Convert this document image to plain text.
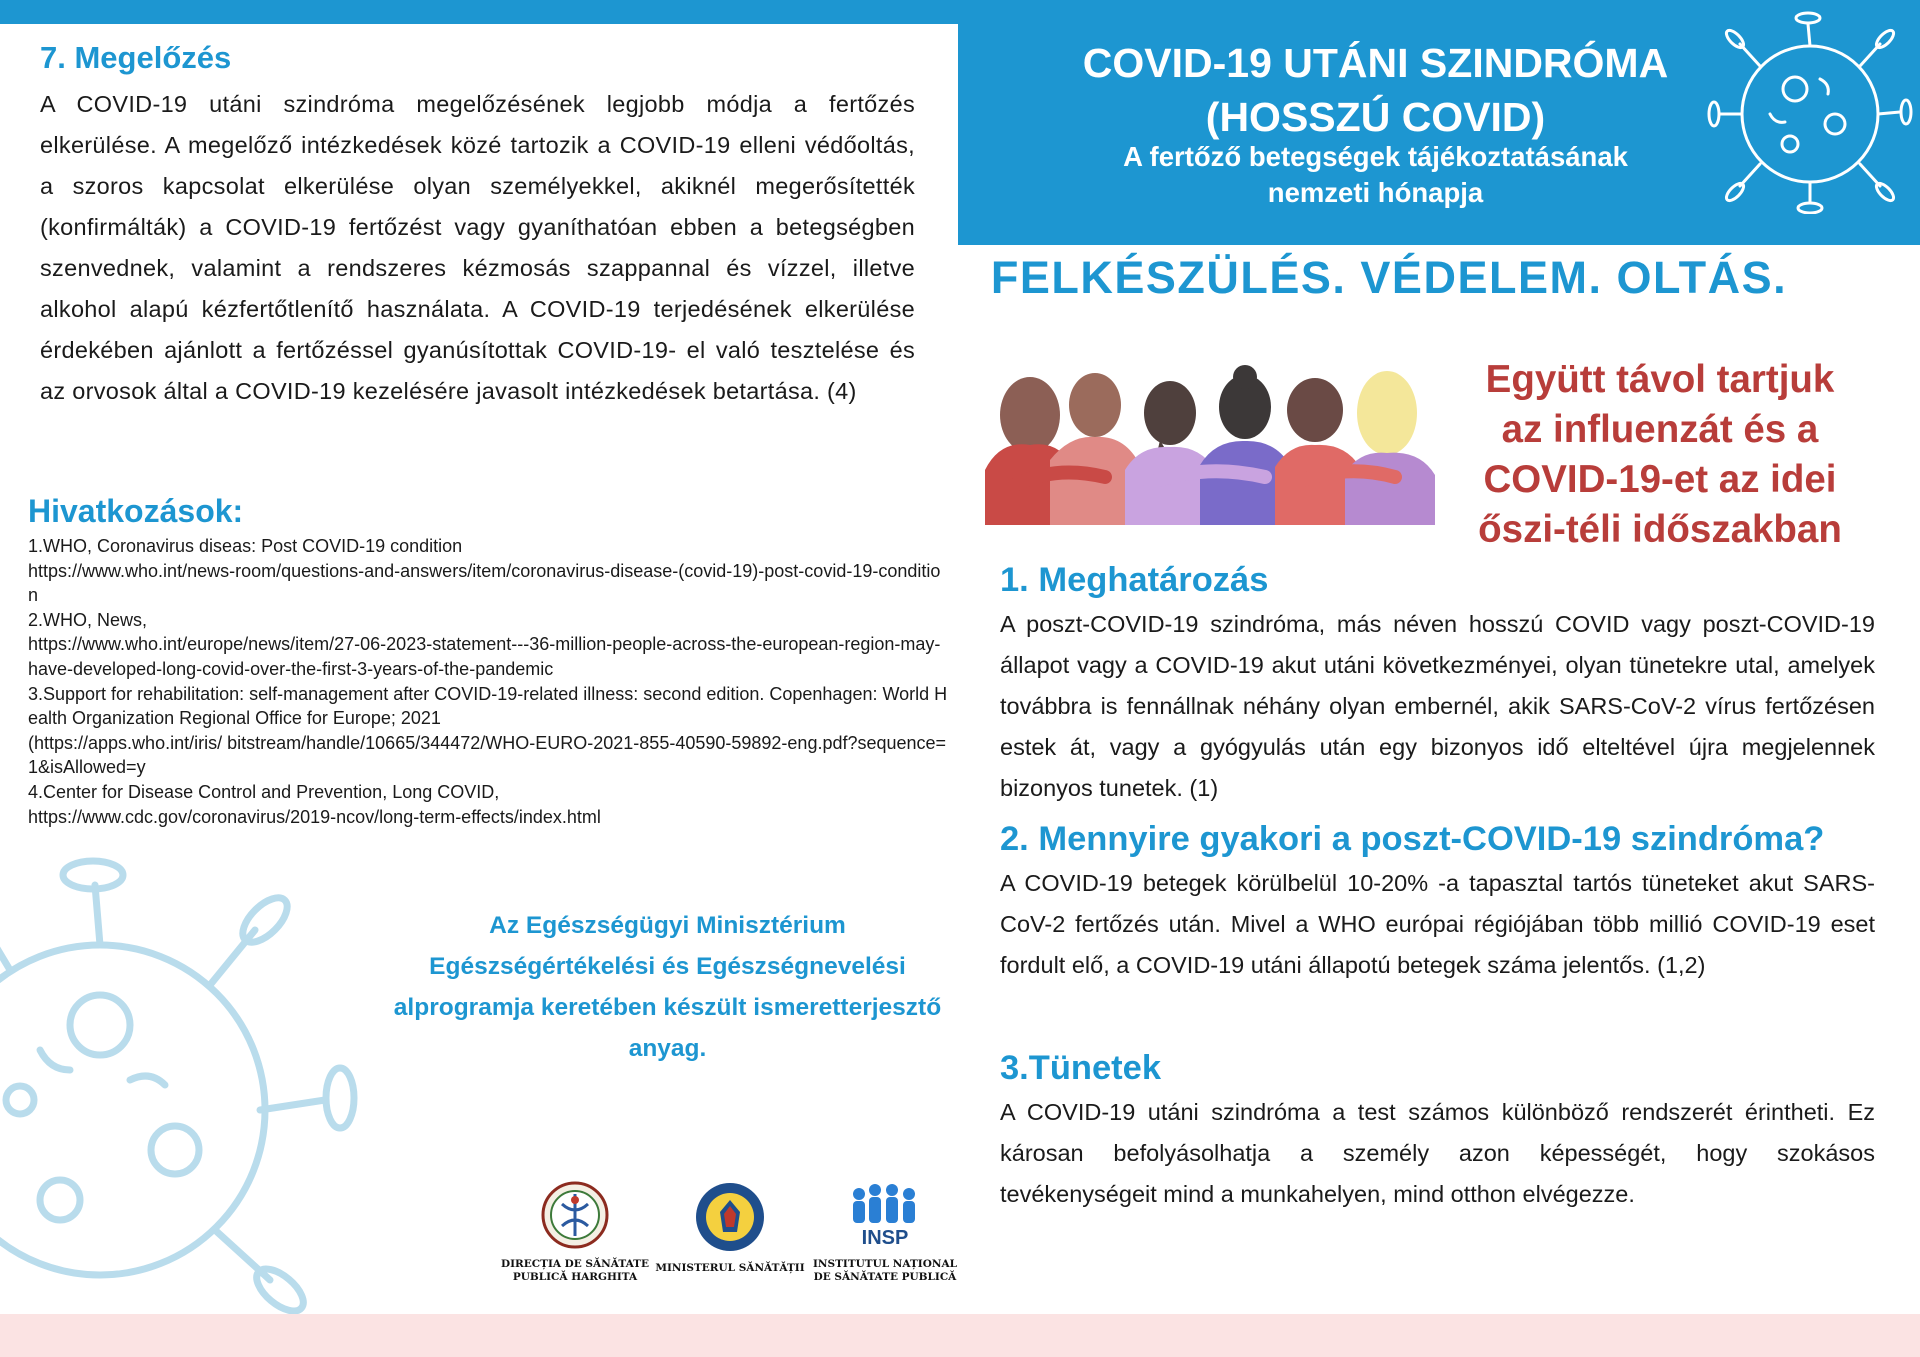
7. Megelőzés

A COVID-19 utáni szindróma megelőzésének legjobb módja a fertőzés elkerülése. A megelőző intézkedések közé tartozik a COVID-19 elleni védőoltás, a szoros kapcsolat elkerülése olyan személyekkel, akiknél megerősítették (konfirmálták) a COVID-19 fertőzést vagy gyaníthatóan ebben a betegségben szenvednek, valamint a rendszeres kézmosás szappannal és vízzel, illetve alkohol alapú kézfertőtlenítő használata. A COVID-19 terjedésének elkerülése érdekében ajánlott a fertőzéssel gyanúsítottak COVID-19- el való tesztelése és az orvosok által a COVID-19 kezelésére javasolt intézkedések betartása. (4)

Hivatkozások:
1.WHO, Coronavirus diseas: Post COVID-19 condition
https://www.who.int/news-room/questions-and-answers/item/coronavirus-disease-(covid-19)-post-covid-19-condition
2.WHO, News,
https://www.who.int/europe/news/item/27-06-2023-statement---36-million-people-across-the-european-region-may-have-developed-long-covid-over-the-first-3-years-of-the-pandemic
3.Support for rehabilitation: self-management after COVID-19-related illness: second edition. Copenhagen: World Health Organization Regional Office for Europe; 2021
(https://apps.who.int/iris/ bitstream/handle/10665/344472/WHO-EURO-2021-855-40590-59892-eng.pdf?sequence=1&isAllowed=y
4.Center for Disease Control and Prevention, Long COVID,
https://www.cdc.gov/coronavirus/2019-ncov/long-term-effects/index.html
Az Egészségügyi Minisztérium Egészségértékelési és Egészségnevelési alprogramja keretében készült ismeretterjesztő anyag.
DIRECȚIA DE SĂNĂTATE
PUBLICĂ HARGHITA
MINISTERUL SĂNĂTĂȚII
INSP
INSTITUTUL NAȚIONAL
DE SĂNĂTATE PUBLICĂ
COVID-19 UTÁNI SZINDRÓMA
(HOSSZÚ COVID)
A fertőző betegségek tájékoztatásának
nemzeti hónapja
FELKÉSZÜLÉS. VÉDELEM. OLTÁS.
Együtt távol tartjuk
az influenzát és a
COVID-19-et az idei
őszi-téli időszakban
1. Meghatározás

A poszt-COVID-19 szindróma, más néven hosszú COVID vagy poszt-COVID-19 állapot vagy a COVID-19 akut utáni következményei, olyan tünetekre utal, amelyek továbbra is fennállnak néhány olyan embernél, akik SARS-CoV-2 vírus fertőzésen estek át, vagy a gyógyulás után egy bizonyos idő elteltével újra megjelennek bizonyos tunetek. (1)

2. Mennyire gyakori a poszt-COVID-19 szindróma?

A COVID-19 betegek körülbelül 10-20% -a tapasztal tartós tüneteket akut SARS-CoV-2 fertőzés után. Mivel a WHO európai régiójában több millió COVID-19 eset fordult elő, a COVID-19 utáni állapotú betegek száma jelentős. (1,2)

3.Tünetek

A COVID-19 utáni szindróma a test számos különböző rendszerét érintheti. Ez károsan befolyásolhatja a személy azon képességét, hogy szokásos tevékenységeit mind a munkahelyen, mind otthon elvégezze.
